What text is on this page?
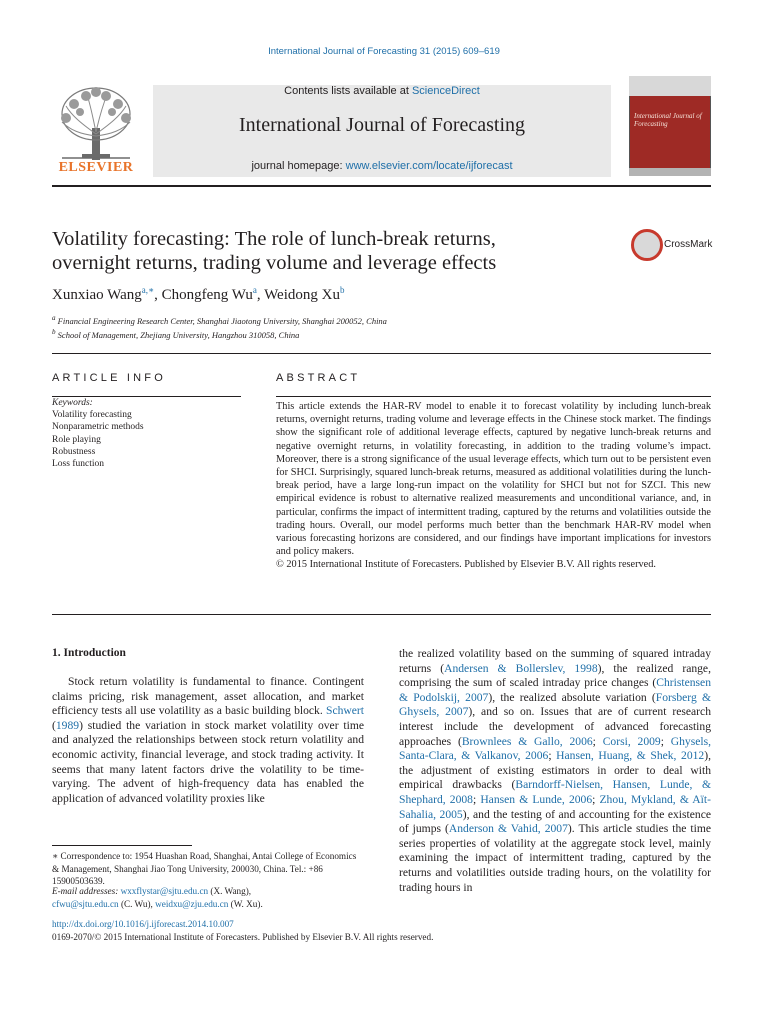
International Journal of Forecasting 31 (2015) 609–619
ELSEVIER
Contents lists available at ScienceDirect
International Journal of Forecasting
journal homepage: www.elsevier.com/locate/ijforecast
International Journal of Forecasting
Volatility forecasting: The role of lunch-break returns,
overnight returns, trading volume and leverage effects
CrossMark
Xunxiao Wang$^{a,∗}$, Chongfeng Wu$^a$, Weidong Xu$^b$
$^a$ Financial Engineering Research Center, Shanghai Jiaotong University, Shanghai 200052, China
$^b$ School of Management, Zhejiang University, Hangzhou 310058, China
ARTICLE INFO	ABSTRACT
Keywords:
Volatility forecasting
Nonparametric methods
Role playing
Robustness
Loss function
This article extends the HAR-RV model to enable it to forecast volatility by including lunch-break returns, overnight returns, trading volume and leverage effects in the Chinese stock market. The findings show the significant role of additional leverage effects, captured by negative lunch-break returns and negative overnight returns, in volatility forecasting, in addition to the trading volume’s impact. Moreover, there is a strong significance of the usual leverage effects, which turn out to be persistent even for SHCI. Surprisingly, squared lunch-break returns, measured as additional volatilities during the lunch-break period, have a large long-run impact on the volatility for SHCI but not for SZCI. This new empirical evidence is robust to alternative realized measurements and unconditional variance, and, in particular, confirms the impact of intermittent trading, captured by the returns and volatilities outside the trading hours. Overall, our model performs much better than the benchmark HAR-RV model when various forecasting horizons are considered, and our findings have important implications for investors and policy makers.
© 2015 International Institute of Forecasters. Published by Elsevier B.V. All rights reserved.
1. Introduction
Stock return volatility is fundamental to finance. Contingent claims pricing, risk management, asset allocation, and market efficiency tests all use volatility as a basic building block. Schwert (1989) studied the variation in stock market volatility over time and analyzed the relationships between stock return volatility and economic activity, financial leverage, and stock trading activity. It seems that many latent factors drive the volatility to be time-varying. The advent of high-frequency data has enabled the application of advanced volatility proxies like
the realized volatility based on the summing of squared intraday returns (Andersen & Bollerslev, 1998), the realized range, comprising the sum of scaled intraday price changes (Christensen & Podolskij, 2007), the realized absolute variation (Forsberg & Ghysels, 2007), and so on. Issues that are of current research interest include the development of advanced forecasting approaches (Brownlees & Gallo, 2006; Corsi, 2009; Ghysels, Santa-Clara, & Valkanov, 2006; Hansen, Huang, & Shek, 2012), the adjustment of existing estimators in order to deal with empirical drawbacks (Barndorff-Nielsen, Hansen, Lunde, & Shephard, 2008; Hansen & Lunde, 2006; Zhou, Mykland, & Aït-Sahalia, 2005), and the testing of and accounting for the existence of jumps (Anderson & Vahid, 2007). This article studies the time series properties of volatility at the aggregate stock level, mainly examining the impact of intermittent trading, captured by the returns and volatilities outside trading hours, on the volatility for trading hours in
∗ Correspondence to: 1954 Huashan Road, Shanghai, Antai College of Economics & Management, Shanghai Jiao Tong University, 200030, China. Tel.: +86 15900503639.
E-mail addresses: wxxflystar@sjtu.edu.cn (X. Wang),
cfwu@sjtu.edu.cn (C. Wu), weidxu@zju.edu.cn (W. Xu).
http://dx.doi.org/10.1016/j.ijforecast.2014.10.007
0169-2070/© 2015 International Institute of Forecasters. Published by Elsevier B.V. All rights reserved.
